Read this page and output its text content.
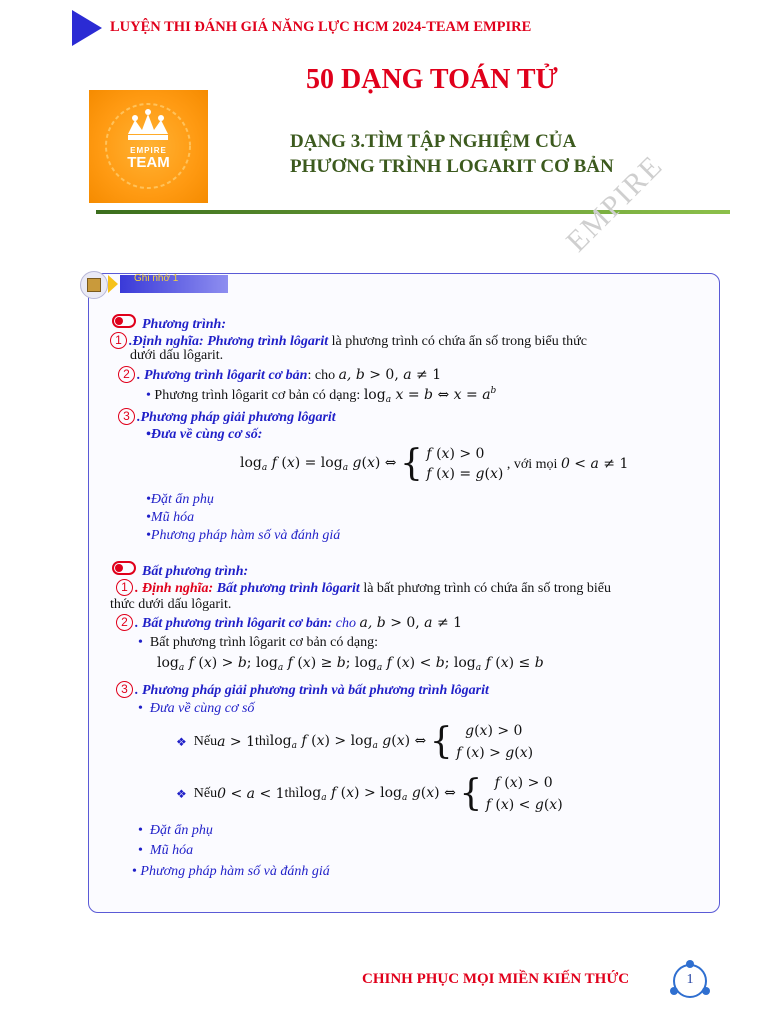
LUYỆN THI ĐÁNH GIÁ NĂNG LỰC HCM 2024-TEAM EMPIRE
50 DẠNG TOÁN TỬ
EMPIRE
TEAM
DẠNG 3.TÌM TẬP NGHIỆM CỦA
PHƯƠNG TRÌNH LOGARIT CƠ BẢN
EMPIRE
Ghi nhớ 1
Phương trình:
1 .Định nghĩa: Phương trình lôgarit là phương trình có chứa ẩn số trong biểu thức
dưới dấu lôgarit.
2 . Phương trình lôgarit cơ bản: cho a, b > 0, a ≠ 1
• Phương trình lôgarit cơ bản có dạng: $\log_a x = b$ ⇔ $x = a^b$
3 .Phương pháp giải phương lôgarit
•Đưa về cùng cơ số:
$\log_a f$ $(x) = \log_a g(x)$ ⇔ { f (x) > 0
f (x) = g(x) , với mọi 0 < a ≠ 1
•Đặt ẩn phụ
•Mũ hóa
•Phương pháp hàm số và đánh giá
Bất phương trình:
1 . Định nghĩa: Bất phương trình lôgarit là bất phương trình có chứa ẩn số trong biểu
thức dưới dấu lôgarit.
2 . Bất phương trình lôgarit cơ bản: cho a, b > 0, a ≠ 1
• Bất phương trình lôgarit cơ bản có dạng:
$\log_a f$ (x) > b; $\log_a f$ (x) ≥ b; $\log_a f$ (x) < b; $\log_a f$ (x) ≤ b
3 . Phương pháp giải phương trình và bất phương trình lôgarit
• Đưa về cùng cơ số
❖ Nếua > 1thìlog$_a$ f $(x) > \log_a g(x)$ ⇔ {   g(x) > 0
f (x) > g(x)
❖ Nếu0 < a < 1thìlog$_a$ f $(x) > \log_a g(x)$ ⇔ {   f (x) > 0
f (x) < g(x)
• Đặt ẩn phụ
• Mũ hóa
• Phương pháp hàm số và đánh giá
CHINH PHỤC MỌI MIỀN KIẾN THỨC	1
